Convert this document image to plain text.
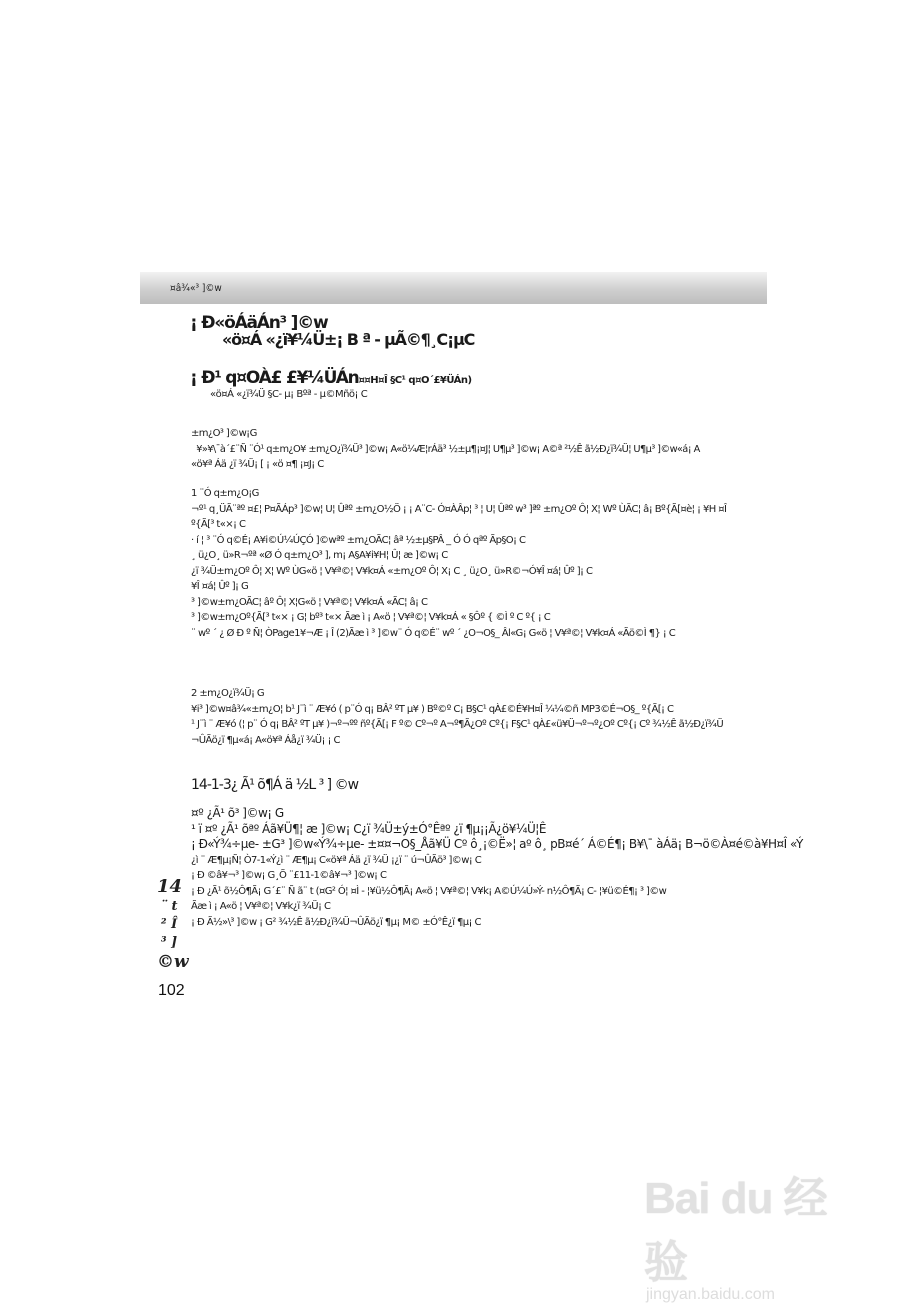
¤â¾«³ ]©w
¡ Ð«öÁäÁn³ ]©w
«ö¤Á «¿ï¥¼Ü±¡ B ª - µÃ©¶¸C¡µC
¡ Ð¹ q¤OÀ£ £¥¼ÜÁn¤¤H¤Î §C¹ q¤O´£¥ÜÁn)
«ö¤Á «¿ï¾Ü §C- µ¡ Bºª - µ©Mñö¡ C
±m¿O³ ]©w¡G
¥»¥\¯à´£¨Ñ ¨Ó¹ q±m¿O¥ ±m¿O¿ï¾Ü³ ]©w¡ A«ö¼Æ¦rÁä³ ½±µ¶¡¤J¦ U¶µ³ ]©w¡ A©ª ²½Ê ã½Ð¿ï¾Ü¦ U¶µ³ ]©w«á¡ A
«ö¥ª Áä ¿ï ¾Ü¡ [ ¡ «ö ¤¶ ¡¤J¡ C
1 ¨Ó q±m¿O¡G
¬º¹ q¸ÜÃ¨ªº ¤£¦ P¤ÃÁp³ ]©w¦ U¦ Ûªº ±m¿O½Ö ¡ ¡ A¨C- Ó¤ÀÂp¦ ³ ¦ U¦ Ûªº w³ ]ªº ±m¿Oº Ô¦ X¦ Wº ÙÃC¦ â¡ Bº{Ã[¤è¦ ¡ ¥H ¤Î
º{Ã[³ t«×¡ C
· í ¦ ³ ¨Ó q©É¡ A¥i©Ú¼ÚÇÓ ]©wªº ±m¿OÃC¦ âª ½±µ§PÂ _ Ó Ó qªº Ãp§O¡ C
¸ ü¿O¸ ü»R¬ºª «Ø Ó q±m¿O³ ], m¡ A§A¥i¥H¦ Û¦ æ ]©w¡ C
¿ï ¾Ü±m¿Oº Ô¦ X¦ Wº ÙG«ö ¦ V¥ª©¦ V¥k¤Á «±m¿Oº Ô¦ X¡ C ¸ ü¿O¸ ü»R©¬Ó¥Î ¤á¦ Ûº ]¡ C
¥Î ¤á¦ Ûº ]¡ G
³ ]©w±m¿OÃC¦ âº Ô¦ X¦G«ö ¦ V¥ª©¦ V¥k¤Á «ÃC¦ â¡ C
³ ]©w±m¿Oº{Ã[³ t«× ¡ G¦ bº³ t«× Ãæ ì ¡ A«ö ¦ V¥ª©¦ V¥k¤Á « §Ôº { ©Ì º C º{ ¡ C
¨ wº ´ ¿ Ø Ð º Ñ¦ ÒPage1¥¬Æ ¡ Î (2)Ãæ ì ³ ]©w¨ Ó q©É¨ wº ´ ¿O¬O§_ Âl«G¡ G«ö ¦ V¥ª©¦ V¥k¤Á «Ãö©Ì ¶} ¡ C
2 ±m¿O¿ï¾Ü¡ G
¥i³ ]©w¤â¾«±m¿O¦ b¹ J¨ì ¨ Æ¥ó ( p¨Ó q¡ BÂ² ºT µ¥ ) Bº©º C¡ B§C¹ qÀ£©É¥H¤Î ¼¼©ñ MP3©É¬O§_ º{Ã[¡ C
¹ J¨ì ¨ Æ¥ó (¦ p¨ Ó q¡ BÂ² ºT µ¥ )¬º¬ºº ñº{Ã[¡ F º© Cº¬º A¬º¶Ã¿Oº Cº{¡ F§C¹ qÀ£«ü¥Ü¬º¬º¿Oº Cº{¡ Cº ¾½Ê ã½Ð¿ï¾Ü
¬ÛÃö¿ï ¶µ«á¡ A«ö¥ª Áå¿ï ¾Ü¡ ¡ C
14-1-3¿ Ã¹ õ¶Á ä ½L ³ ] ©w
¤º ¿Ã¹ õ³ ]©w¡ G
¹ ï ¤º ¿Ã¹ õªº Áã¥Ü¶¦ æ ]©w¡ C¿ï ¾Ü±ý±Ó°Êªº ¿ï ¶µ¡¡Ã¿ö¥¼Ü¦Ê
¡ Ð«Ý¾÷µe- ±G³ ]©w«Ý¾÷µe- ±¤¤¬O§_Åã¥Ü Cº ô¸¡©Ë»¦ aº ô¸ pB¤é´ Á©É¶¡ B¥\¯ àÁä¡ B¬ö©À¤é©à¥H¤Î «Ý
¿ì ¨ Æ¶µ¡Ñ¦ Ò7-1«Ý¿ì ¨ Æ¶µ¡ C«ö¥ª Áä ¿ï ¾Ü ¡¿ï ¨ ú¬ÛÃö³ ]©w¡ C
¡ Ð ©â¥¬³ ]©w¡ G¸Õ ¨£11-1©â¥¬³ ]©w¡ C
¡ Ð ¿Ã¹ õ½Ô¶Ã¡ G´£¨ Ñ ã¨ t (¤G² Ó¦ ¤Ì - ¦¥ü½Ô¶Ã¡ A«ö ¦ V¥ª©¦ V¥k¡ A©Ú¼Ú»Ý- n½Ô¶Ã¡ C- ¦¥ü©É¶¡ ³ ]©w
Ãæ ì ¡ A«ö ¦ V¥ª©¦ V¥k¿ï ¾Ü¡ C
¡ Ð Ã½»\³ ]©w ¡ G² ¾½Ê ã½Ð¿ï¾Ü¬ÛÃö¿ï ¶µ¡ M© ±Ó°Ê¿ï ¶µ¡ C
14
¨ t
² Î
³ ]
©w
102
Bai du 经验
jingyan.baidu.com
